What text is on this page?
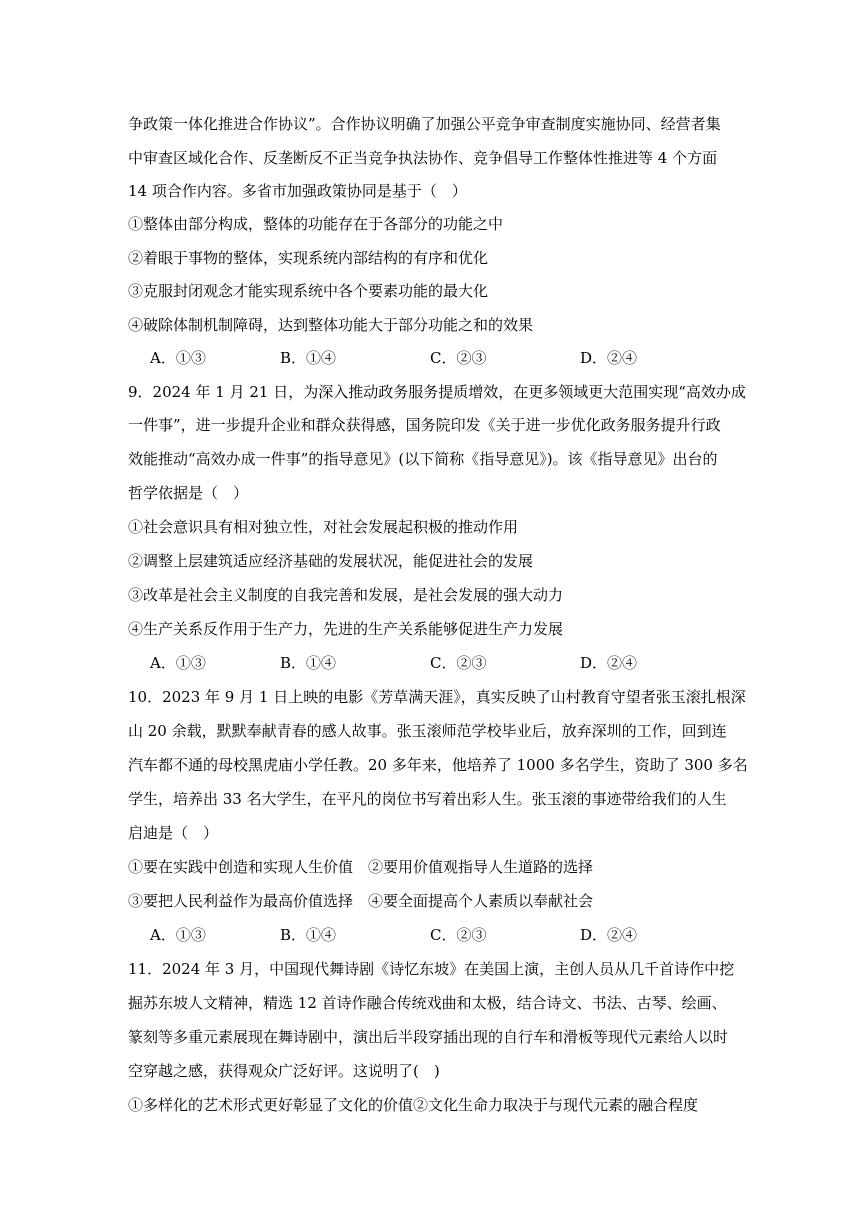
争政策一体化推进合作协议”。合作协议明确了加强公平竞争审查制度实施协同、经营者集
中审查区域化合作、反垄断反不正当竞争执法协作、竞争倡导工作整体性推进等 4 个方面
14 项合作内容。多省市加强政策协同是基于（　）
①整体由部分构成，整体的功能存在于各部分的功能之中
②着眼于事物的整体，实现系统内部结构的有序和优化
③克服封闭观念才能实现系统中各个要素功能的最大化
④破除体制机制障碍，达到整体功能大于部分功能之和的效果
A．①③	B．①④	C．②③	D．②④
9．2024 年 1 月 21 日，为深入推动政务服务提质增效，在更多领域更大范围实现“高效办成
一件事”，进一步提升企业和群众获得感，国务院印发《关于进一步优化政务服务提升行政
效能推动“高效办成一件事”的指导意见》(以下简称《指导意见》)。该《指导意见》出台的
哲学依据是（　）
①社会意识具有相对独立性，对社会发展起积极的推动作用
②调整上层建筑适应经济基础的发展状况，能促进社会的发展
③改革是社会主义制度的自我完善和发展，是社会发展的强大动力
④生产关系反作用于生产力，先进的生产关系能够促进生产力发展
A．①③	B．①④	C．②③	D．②④
10．2023 年 9 月 1 日上映的电影《芳草满天涯》，真实反映了山村教育守望者张玉滚扎根深
山 20 余载，默默奉献青春的感人故事。张玉滚师范学校毕业后，放弃深圳的工作，回到连
汽车都不通的母校黑虎庙小学任教。20 多年来，他培养了 1000 多名学生，资助了 300 多名
学生，培养出 33 名大学生，在平凡的岗位书写着出彩人生。张玉滚的事迹带给我们的人生
启迪是（　）
①要在实践中创造和实现人生价值　②要用价值观指导人生道路的选择
③要把人民利益作为最高价值选择　④要全面提高个人素质以奉献社会
A．①③	B．①④	C．②③	D．②④
11．2024 年 3 月，中国现代舞诗剧《诗忆东坡》在美国上演，主创人员从几千首诗作中挖
掘苏东坡人文精神，精选 12 首诗作融合传统戏曲和太极，结合诗文、书法、古琴、绘画、
篆刻等多重元素展现在舞诗剧中，演出后半段穿插出现的自行车和滑板等现代元素给人以时
空穿越之感，获得观众广泛好评。这说明了(　)
①多样化的艺术形式更好彰显了文化的价值②文化生命力取决于与现代元素的融合程度
